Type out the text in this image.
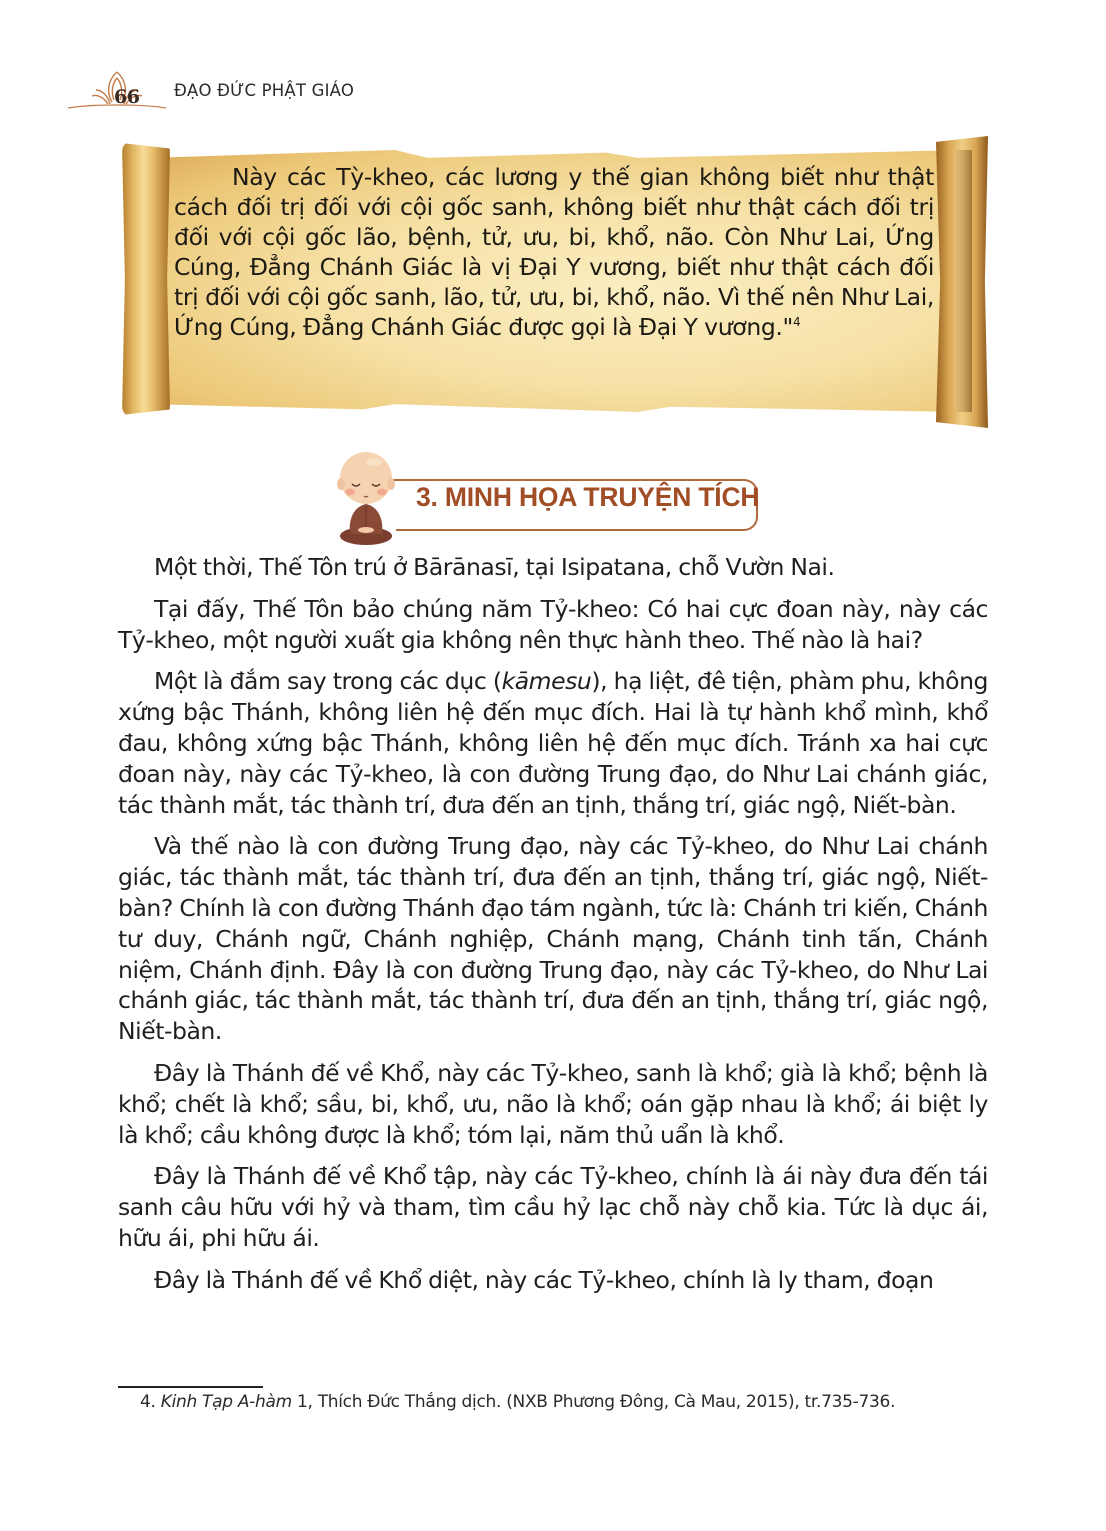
66 ĐẠO ĐỨC PHẬT GIÁO

Này các Tỳ-kheo, các lương y thế gian không biết như thật cách đối trị đối với cội gốc sanh, không biết như thật cách đối trị đối với cội gốc lão, bệnh, tử, ưu, bi, khổ, não. Còn Như Lai, Ứng Cúng, Đẳng Chánh Giác là vị Đại Y vương, biết như thật cách đối trị đối với cội gốc sanh, lão, tử, ưu, bi, khổ, não. Vì thế nên Như Lai, Ứng Cúng, Đẳng Chánh Giác được gọi là Đại Y vương."$^4$

3. MINH HỌA TRUYỆN TÍCH

Một thời, Thế Tôn trú ở Bārānasī, tại Isipatana, chỗ Vườn Nai.

Tại đấy, Thế Tôn bảo chúng năm Tỷ-kheo: Có hai cực đoan này, này các Tỷ-kheo, một người xuất gia không nên thực hành theo. Thế nào là hai?

Một là đắm say trong các dục (kāmesu), hạ liệt, đê tiện, phàm phu, không xứng bậc Thánh, không liên hệ đến mục đích. Hai là tự hành khổ mình, khổ đau, không xứng bậc Thánh, không liên hệ đến mục đích. Tránh xa hai cực đoan này, này các Tỷ-kheo, là con đường Trung đạo, do Như Lai chánh giác, tác thành mắt, tác thành trí, đưa đến an tịnh, thắng trí, giác ngộ, Niết-bàn.

Và thế nào là con đường Trung đạo, này các Tỷ-kheo, do Như Lai chánh giác, tác thành mắt, tác thành trí, đưa đến an tịnh, thắng trí, giác ngộ, Niết-bàn? Chính là con đường Thánh đạo tám ngành, tức là: Chánh tri kiến, Chánh tư duy, Chánh ngữ, Chánh nghiệp, Chánh mạng, Chánh tinh tấn, Chánh niệm, Chánh định. Đây là con đường Trung đạo, này các Tỷ-kheo, do Như Lai chánh giác, tác thành mắt, tác thành trí, đưa đến an tịnh, thắng trí, giác ngộ, Niết-bàn.

Đây là Thánh đế về Khổ, này các Tỷ-kheo, sanh là khổ; già là khổ; bệnh là khổ; chết là khổ; sầu, bi, khổ, ưu, não là khổ; oán gặp nhau là khổ; ái biệt ly là khổ; cầu không được là khổ; tóm lại, năm thủ uẩn là khổ.

Đây là Thánh đế về Khổ tập, này các Tỷ-kheo, chính là ái này đưa đến tái sanh câu hữu với hỷ và tham, tìm cầu hỷ lạc chỗ này chỗ kia. Tức là dục ái, hữu ái, phi hữu ái.

Đây là Thánh đế về Khổ diệt, này các Tỷ-kheo, chính là ly tham, đoạn

4. Kinh Tạp A-hàm 1, Thích Đức Thắng dịch. (NXB Phương Đông, Cà Mau, 2015), tr.735-736.
